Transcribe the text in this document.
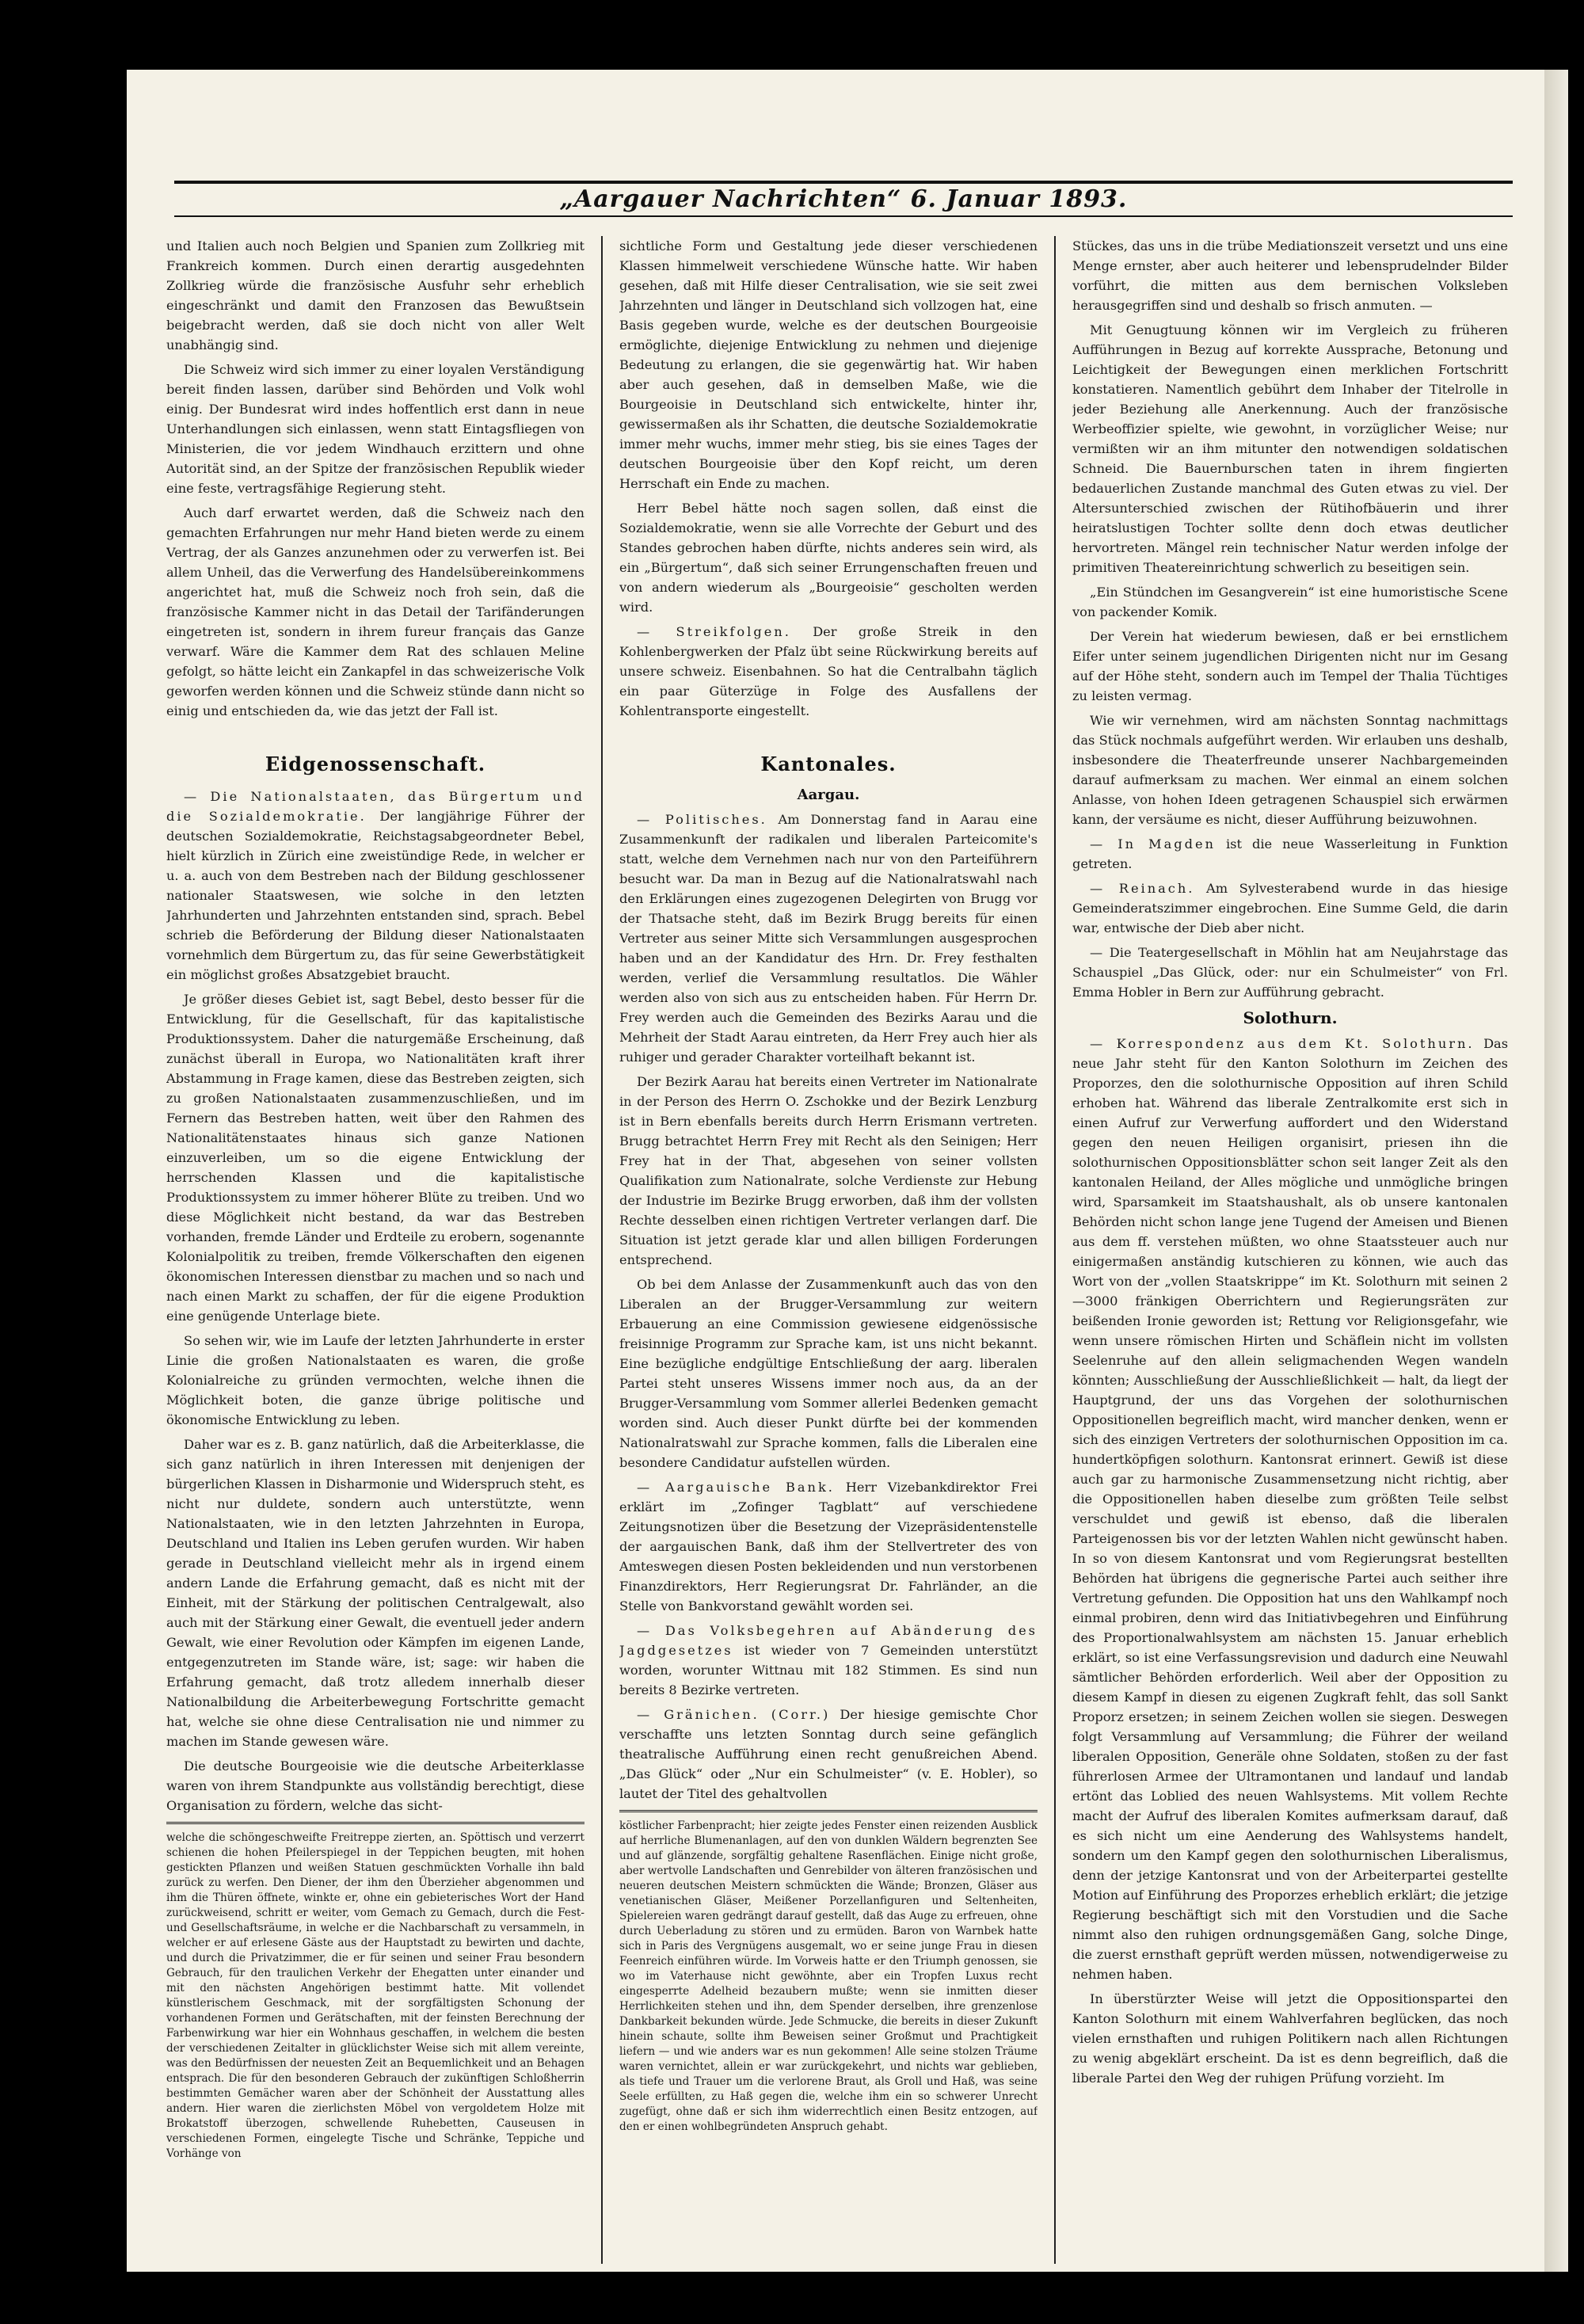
„Aargauer Nachrichten“ 6. Januar 1893.

und Italien auch noch Belgien und Spanien zum Zollkrieg mit Frankreich kommen. Durch einen derartig ausgedehnten Zollkrieg würde die französische Ausfuhr sehr erheblich eingeschränkt und damit den Franzosen das Bewußtsein beigebracht werden, daß sie doch nicht von aller Welt unabhängig sind.

Die Schweiz wird sich immer zu einer loyalen Verständigung bereit finden lassen, darüber sind Behörden und Volk wohl einig. Der Bundesrat wird indes hoffentlich erst dann in neue Unterhandlungen sich einlassen, wenn statt Eintagsfliegen von Ministerien, die vor jedem Windhauch erzittern und ohne Autorität sind, an der Spitze der französischen Republik wieder eine feste, vertragsfähige Regierung steht.

Auch darf erwartet werden, daß die Schweiz nach den gemachten Erfahrungen nur mehr Hand bieten werde zu einem Vertrag, der als Ganzes anzunehmen oder zu verwerfen ist. Bei allem Unheil, das die Verwerfung des Handelsübereinkommens angerichtet hat, muß die Schweiz noch froh sein, daß die französische Kammer nicht in das Detail der Tarifänderungen eingetreten ist, sondern in ihrem fureur français das Ganze verwarf. Wäre die Kammer dem Rat des schlauen Meline gefolgt, so hätte leicht ein Zankapfel in das schweizerische Volk geworfen werden können und die Schweiz stünde dann nicht so einig und entschieden da, wie das jetzt der Fall ist.

Eidgenossenschaft.

— Die Nationalstaaten, das Bürgertum und die Sozialdemokratie. Der langjährige Führer der deutschen Sozialdemokratie, Reichstagsabgeordneter Bebel, hielt kürzlich in Zürich eine zweistündige Rede, in welcher er u. a. auch von dem Bestreben nach der Bildung geschlossener nationaler Staatswesen, wie solche in den letzten Jahrhunderten und Jahrzehnten entstanden sind, sprach. Bebel schrieb die Beförderung der Bildung dieser Nationalstaaten vornehmlich dem Bürgertum zu, das für seine Gewerbstätigkeit ein möglichst großes Absatzgebiet braucht.

Je größer dieses Gebiet ist, sagt Bebel, desto besser für die Entwicklung, für die Gesellschaft, für das kapitalistische Produktionssystem. Daher die naturgemäße Erscheinung, daß zunächst überall in Europa, wo Nationalitäten kraft ihrer Abstammung in Frage kamen, diese das Bestreben zeigten, sich zu großen Nationalstaaten zusammenzuschließen, und im Fernern das Bestreben hatten, weit über den Rahmen des Nationalitätenstaates hinaus sich ganze Nationen einzuverleiben, um so die eigene Entwicklung der herrschenden Klassen und die kapitalistische Produktionssystem zu immer höherer Blüte zu treiben. Und wo diese Möglichkeit nicht bestand, da war das Bestreben vorhanden, fremde Länder und Erdteile zu erobern, sogenannte Kolonialpolitik zu treiben, fremde Völkerschaften den eigenen ökonomischen Interessen dienstbar zu machen und so nach und nach einen Markt zu schaffen, der für die eigene Produktion eine genügende Unterlage biete.

So sehen wir, wie im Laufe der letzten Jahrhunderte in erster Linie die großen Nationalstaaten es waren, die große Kolonialreiche zu gründen vermochten, welche ihnen die Möglichkeit boten, die ganze übrige politische und ökonomische Entwicklung zu leben.

Daher war es z. B. ganz natürlich, daß die Arbeiterklasse, die sich ganz natürlich in ihren Interessen mit denjenigen der bürgerlichen Klassen in Disharmonie und Widerspruch steht, es nicht nur duldete, sondern auch unterstützte, wenn Nationalstaaten, wie in den letzten Jahrzehnten in Europa, Deutschland und Italien ins Leben gerufen wurden. Wir haben gerade in Deutschland vielleicht mehr als in irgend einem andern Lande die Erfahrung gemacht, daß es nicht mit der Einheit, mit der Stärkung der politischen Centralgewalt, also auch mit der Stärkung einer Gewalt, die eventuell jeder andern Gewalt, wie einer Revolution oder Kämpfen im eigenen Lande, entgegenzutreten im Stande wäre, ist; sage: wir haben die Erfahrung gemacht, daß trotz alledem innerhalb dieser Nationalbildung die Arbeiterbewegung Fortschritte gemacht hat, welche sie ohne diese Centralisation nie und nimmer zu machen im Stande gewesen wäre.

Die deutsche Bourgeoisie wie die deutsche Arbeiterklasse waren von ihrem Standpunkte aus vollständig berechtigt, diese Organisation zu fördern, welche das sicht-

welche die schöngeschweifte Freitreppe zierten, an. Spöttisch und verzerrt schienen die hohen Pfeilerspiegel in der Teppichen beugten, mit hohen gestickten Pflanzen und weißen Statuen geschmückten Vorhalle ihn bald zurück zu werfen. Den Diener, der ihm den Überzieher abgenommen und ihm die Thüren öffnete, winkte er, ohne ein gebieterisches Wort der Hand zurückweisend, schritt er weiter, vom Gemach zu Gemach, durch die Fest- und Gesellschaftsräume, in welche er die Nachbarschaft zu versammeln, in welcher er auf erlesene Gäste aus der Hauptstadt zu bewirten und dachte, und durch die Privatzimmer, die er für seinen und seiner Frau besondern Gebrauch, für den traulichen Verkehr der Ehegatten unter einander und mit den nächsten Angehörigen bestimmt hatte. Mit vollendet künstlerischem Geschmack, mit der sorgfältigsten Schonung der vorhandenen Formen und Gerätschaften, mit der feinsten Berechnung der Farbenwirkung war hier ein Wohnhaus geschaffen, in welchem die besten der verschiedenen Zeitalter in glücklichster Weise sich mit allem vereinte, was den Bedürfnissen der neuesten Zeit an Bequemlichkeit und an Behagen entsprach. Die für den besonderen Gebrauch der zukünftigen Schloßherrin bestimmten Gemächer waren aber der Schönheit der Ausstattung alles andern. Hier waren die zierlichsten Möbel von vergoldetem Holze mit Brokatstoff überzogen, schwellende Ruhebetten, Causeusen in verschiedenen Formen, eingelegte Tische und Schränke, Teppiche und Vorhänge von

sichtliche Form und Gestaltung jede dieser verschiedenen Klassen himmelweit verschiedene Wünsche hatte. Wir haben gesehen, daß mit Hilfe dieser Centralisation, wie sie seit zwei Jahrzehnten und länger in Deutschland sich vollzogen hat, eine Basis gegeben wurde, welche es der deutschen Bourgeoisie ermöglichte, diejenige Entwicklung zu nehmen und diejenige Bedeutung zu erlangen, die sie gegenwärtig hat. Wir haben aber auch gesehen, daß in demselben Maße, wie die Bourgeoisie in Deutschland sich entwickelte, hinter ihr, gewissermaßen als ihr Schatten, die deutsche Sozialdemokratie immer mehr wuchs, immer mehr stieg, bis sie eines Tages der deutschen Bourgeoisie über den Kopf reicht, um deren Herrschaft ein Ende zu machen.

Herr Bebel hätte noch sagen sollen, daß einst die Sozialdemokratie, wenn sie alle Vorrechte der Geburt und des Standes gebrochen haben dürfte, nichts anderes sein wird, als ein „Bürgertum“, daß sich seiner Errungenschaften freuen und von andern wiederum als „Bourgeoisie“ gescholten werden wird.

— Streikfolgen. Der große Streik in den Kohlenbergwerken der Pfalz übt seine Rückwirkung bereits auf unsere schweiz. Eisenbahnen. So hat die Centralbahn täglich ein paar Güterzüge in Folge des Ausfallens der Kohlentransporte eingestellt.

Kantonales.
Aargau.

— Politisches. Am Donnerstag fand in Aarau eine Zusammenkunft der radikalen und liberalen Parteicomite's statt, welche dem Vernehmen nach nur von den Parteiführern besucht war. Da man in Bezug auf die Nationalratswahl nach den Erklärungen eines zugezogenen Delegirten von Brugg vor der Thatsache steht, daß im Bezirk Brugg bereits für einen Vertreter aus seiner Mitte sich Versammlungen ausgesprochen haben und an der Kandidatur des Hrn. Dr. Frey festhalten werden, verlief die Versammlung resultatlos. Die Wähler werden also von sich aus zu entscheiden haben. Für Herrn Dr. Frey werden auch die Gemeinden des Bezirks Aarau und die Mehrheit der Stadt Aarau eintreten, da Herr Frey auch hier als ruhiger und gerader Charakter vorteilhaft bekannt ist.

Der Bezirk Aarau hat bereits einen Vertreter im Nationalrate in der Person des Herrn O. Zschokke und der Bezirk Lenzburg ist in Bern ebenfalls bereits durch Herrn Erismann vertreten. Brugg betrachtet Herrn Frey mit Recht als den Seinigen; Herr Frey hat in der That, abgesehen von seiner vollsten Qualifikation zum Nationalrate, solche Verdienste zur Hebung der Industrie im Bezirke Brugg erworben, daß ihm der vollsten Rechte desselben einen richtigen Vertreter verlangen darf. Die Situation ist jetzt gerade klar und allen billigen Forderungen entsprechend.

Ob bei dem Anlasse der Zusammenkunft auch das von den Liberalen an der Brugger-Versammlung zur weitern Erbauerung an eine Commission gewiesene eidgenössische freisinnige Programm zur Sprache kam, ist uns nicht bekannt. Eine bezügliche endgültige Entschließung der aarg. liberalen Partei steht unseres Wissens immer noch aus, da an der Brugger-Versammlung vom Sommer allerlei Bedenken gemacht worden sind. Auch dieser Punkt dürfte bei der kommenden Nationalratswahl zur Sprache kommen, falls die Liberalen eine besondere Candidatur aufstellen würden.

— Aargauische Bank. Herr Vizebankdirektor Frei erklärt im „Zofinger Tagblatt“ auf verschiedene Zeitungsnotizen über die Besetzung der Vizepräsidentenstelle der aargauischen Bank, daß ihm der Stellvertreter des von Amteswegen diesen Posten bekleidenden und nun verstorbenen Finanzdirektors, Herr Regierungsrat Dr. Fahrländer, an die Stelle von Bankvorstand gewählt worden sei.

— Das Volksbegehren auf Abänderung des Jagdgesetzes ist wieder von 7 Gemeinden unterstützt worden, worunter Wittnau mit 182 Stimmen. Es sind nun bereits 8 Bezirke vertreten.

— Gränichen. (Corr.) Der hiesige gemischte Chor verschaffte uns letzten Sonntag durch seine gefänglich theatralische Aufführung einen recht genußreichen Abend. „Das Glück“ oder „Nur ein Schulmeister“ (v. E. Hobler), so lautet der Titel des gehaltvollen

köstlicher Farbenpracht; hier zeigte jedes Fenster einen reizenden Ausblick auf herrliche Blumenanlagen, auf den von dunklen Wäldern begrenzten See und auf glänzende, sorgfältig gehaltene Rasenflächen. Einige nicht große, aber wertvolle Landschaften und Genrebilder von älteren französischen und neueren deutschen Meistern schmückten die Wände; Bronzen, Gläser aus venetianischen Gläser, Meißener Porzellanfiguren und Seltenheiten, Spielereien waren gedrängt darauf gestellt, daß das Auge zu erfreuen, ohne durch Ueberladung zu stören und zu ermüden. Baron von Warnbek hatte sich in Paris des Vergnügens ausgemalt, wo er seine junge Frau in diesen Feenreich einführen würde. Im Vorweis hatte er den Triumph genossen, sie wo im Vaterhause nicht gewöhnte, aber ein Tropfen Luxus recht eingesperrte Adelheid bezaubern mußte; wenn sie inmitten dieser Herrlichkeiten stehen und ihn, dem Spender derselben, ihre grenzenlose Dankbarkeit bekunden würde. Jede Schmucke, die bereits in dieser Zukunft hinein schaute, sollte ihm Beweisen seiner Großmut und Prachtigkeit liefern — und wie anders war es nun gekommen! Alle seine stolzen Träume waren vernichtet, allein er war zurückgekehrt, und nichts war geblieben, als tiefe und Trauer um die verlorene Braut, als Groll und Haß, was seine Seele erfüllten, zu Haß gegen die, welche ihm ein so schwerer Unrecht zugefügt, ohne daß er sich ihm widerrechtlich einen Besitz entzogen, auf den er einen wohlbegründeten Anspruch gehabt.

Stückes, das uns in die trübe Mediationszeit versetzt und uns eine Menge ernster, aber auch heiterer und lebensprudelnder Bilder vorführt, die mitten aus dem bernischen Volksleben herausgegriffen sind und deshalb so frisch anmuten. —

Mit Genugtuung können wir im Vergleich zu früheren Aufführungen in Bezug auf korrekte Aussprache, Betonung und Leichtigkeit der Bewegungen einen merklichen Fortschritt konstatieren. Namentlich gebührt dem Inhaber der Titelrolle in jeder Beziehung alle Anerkennung. Auch der französische Werbeoffizier spielte, wie gewohnt, in vorzüglicher Weise; nur vermißten wir an ihm mitunter den notwendigen soldatischen Schneid. Die Bauernburschen taten in ihrem fingierten bedauerlichen Zustande manchmal des Guten etwas zu viel. Der Altersunterschied zwischen der Rütihofbäuerin und ihrer heiratslustigen Tochter sollte denn doch etwas deutlicher hervortreten. Mängel rein technischer Natur werden infolge der primitiven Theatereinrichtung schwerlich zu beseitigen sein.

„Ein Stündchen im Gesangverein“ ist eine humoristische Scene von packender Komik.

Der Verein hat wiederum bewiesen, daß er bei ernstlichem Eifer unter seinem jugendlichen Dirigenten nicht nur im Gesang auf der Höhe steht, sondern auch im Tempel der Thalia Tüchtiges zu leisten vermag.

Wie wir vernehmen, wird am nächsten Sonntag nachmittags das Stück nochmals aufgeführt werden. Wir erlauben uns deshalb, insbesondere die Theaterfreunde unserer Nachbargemeinden darauf aufmerksam zu machen. Wer einmal an einem solchen Anlasse, von hohen Ideen getragenen Schauspiel sich erwärmen kann, der versäume es nicht, dieser Aufführung beizuwohnen.

— In Magden ist die neue Wasserleitung in Funktion getreten.

— Reinach. Am Sylvesterabend wurde in das hiesige Gemeinderatszimmer eingebrochen. Eine Summe Geld, die darin war, entwische der Dieb aber nicht.

— Die Teatergesellschaft in Möhlin hat am Neujahrstage das Schauspiel „Das Glück, oder: nur ein Schulmeister“ von Frl. Emma Hobler in Bern zur Aufführung gebracht.

Solothurn.

— Korrespondenz aus dem Kt. Solothurn. Das neue Jahr steht für den Kanton Solothurn im Zeichen des Proporzes, den die solothurnische Opposition auf ihren Schild erhoben hat. Während das liberale Zentralkomite erst sich in einen Aufruf zur Verwerfung auffordert und den Widerstand gegen den neuen Heiligen organisirt, priesen ihn die solothurnischen Oppositionsblätter schon seit langer Zeit als den kantonalen Heiland, der Alles mögliche und unmögliche bringen wird, Sparsamkeit im Staatshaushalt, als ob unsere kantonalen Behörden nicht schon lange jene Tugend der Ameisen und Bienen aus dem ff. verstehen müßten, wo ohne Staatssteuer auch nur einigermaßen anständig kutschieren zu können, wie auch das Wort von der „vollen Staatskrippe“ im Kt. Solothurn mit seinen 2—3000 fränkigen Oberrichtern und Regierungsräten zur beißenden Ironie geworden ist; Rettung vor Religionsgefahr, wie wenn unsere römischen Hirten und Schäflein nicht im vollsten Seelenruhe auf den allein seligmachenden Wegen wandeln könnten; Ausschließung der Ausschließlichkeit — halt, da liegt der Hauptgrund, der uns das Vorgehen der solothurnischen Oppositionellen begreiflich macht, wird mancher denken, wenn er sich des einzigen Vertreters der solothurnischen Opposition im ca. hundertköpfigen solothurn. Kantonsrat erinnert. Gewiß ist diese auch gar zu harmonische Zusammensetzung nicht richtig, aber die Oppositionellen haben dieselbe zum größten Teile selbst verschuldet und gewiß ist ebenso, daß die liberalen Parteigenossen bis vor der letzten Wahlen nicht gewünscht haben. In so von diesem Kantonsrat und vom Regierungsrat bestellten Behörden hat übrigens die gegnerische Partei auch seither ihre Vertretung gefunden. Die Opposition hat uns den Wahlkampf noch einmal probiren, denn wird das Initiativbegehren und Einführung des Proportionalwahlsystem am nächsten 15. Januar erheblich erklärt, so ist eine Verfassungsrevision und dadurch eine Neuwahl sämtlicher Behörden erforderlich. Weil aber der Opposition zu diesem Kampf in diesen zu eigenen Zugkraft fehlt, das soll Sankt Proporz ersetzen; in seinem Zeichen wollen sie siegen. Deswegen folgt Versammlung auf Versammlung; die Führer der weiland liberalen Opposition, Generäle ohne Soldaten, stoßen zu der fast führerlosen Armee der Ultramontanen und landauf und landab ertönt das Loblied des neuen Wahlsystems. Mit vollem Rechte macht der Aufruf des liberalen Komites aufmerksam darauf, daß es sich nicht um eine Aenderung des Wahlsystems handelt, sondern um den Kampf gegen den solothurnischen Liberalismus, denn der jetzige Kantonsrat und von der Arbeiterpartei gestellte Motion auf Einführung des Proporzes erheblich erklärt; die jetzige Regierung beschäftigt sich mit den Vorstudien und die Sache nimmt also den ruhigen ordnungsgemäßen Gang, solche Dinge, die zuerst ernsthaft geprüft werden müssen, notwendigerweise zu nehmen haben.

In überstürzter Weise will jetzt die Oppositionspartei den Kanton Solothurn mit einem Wahlverfahren beglücken, das noch vielen ernsthaften und ruhigen Politikern nach allen Richtungen zu wenig abgeklärt erscheint. Da ist es denn begreiflich, daß die liberale Partei den Weg der ruhigen Prüfung vorzieht. Im
